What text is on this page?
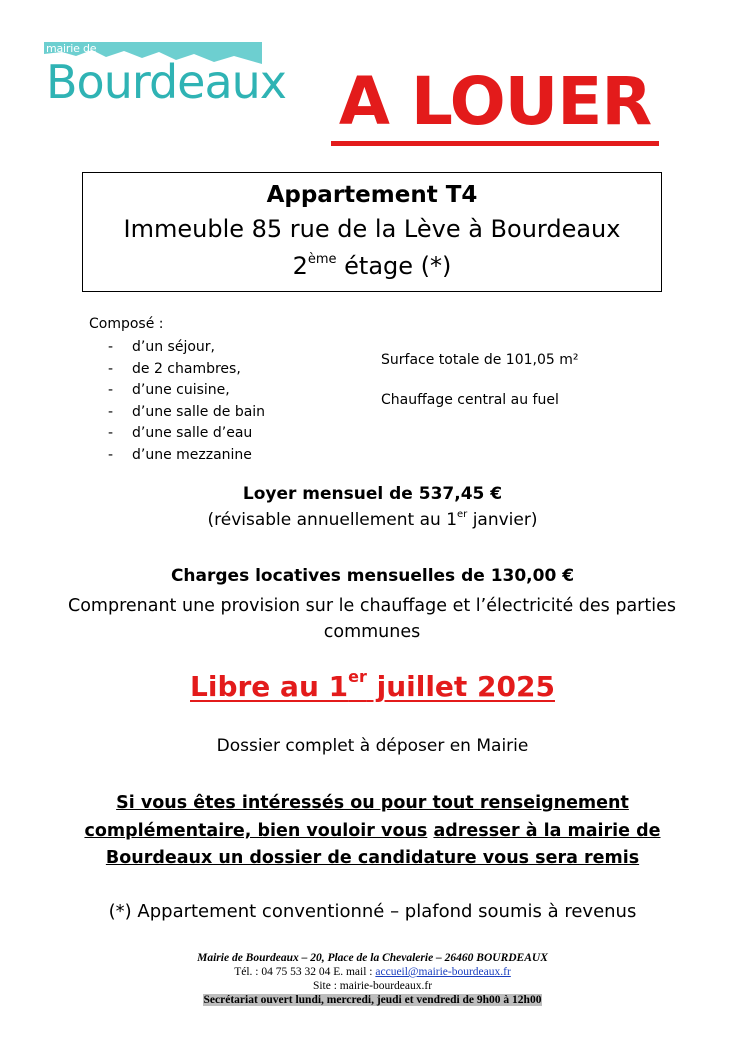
mairie de
Bourdeaux A LOUER
Appartement T4
Immeuble 85 rue de la Lève à Bourdeaux
2ème étage (*)
Composé :
- d’un séjour,
- de 2 chambres,
- d’une cuisine,
- d’une salle de bain
- d’une salle d’eau
- d’une mezzanine
Surface totale de 101,05 m²
Chauffage central au fuel
Loyer mensuel de 537,45 €
(révisable annuellement au 1er janvier)
Charges locatives mensuelles de 130,00 €
Comprenant une provision sur le chauffage et l’électricité des parties communes
Libre au 1er juillet 2025
Dossier complet à déposer en Mairie
Si vous êtes intéressés ou pour tout renseignement
complémentaire, bien vouloir vous adresser à la mairie de
Bourdeaux un dossier de candidature vous sera remis
(*) Appartement conventionné – plafond soumis à revenus
Mairie de Bourdeaux – 20, Place de la Chevalerie – 26460 BOURDEAUX
Tél. : 04 75 53 32 04 E. mail : accueil@mairie-bourdeaux.fr
Site : mairie-bourdeaux.fr
Secrétariat ouvert lundi, mercredi, jeudi et vendredi de 9h00 à 12h00
